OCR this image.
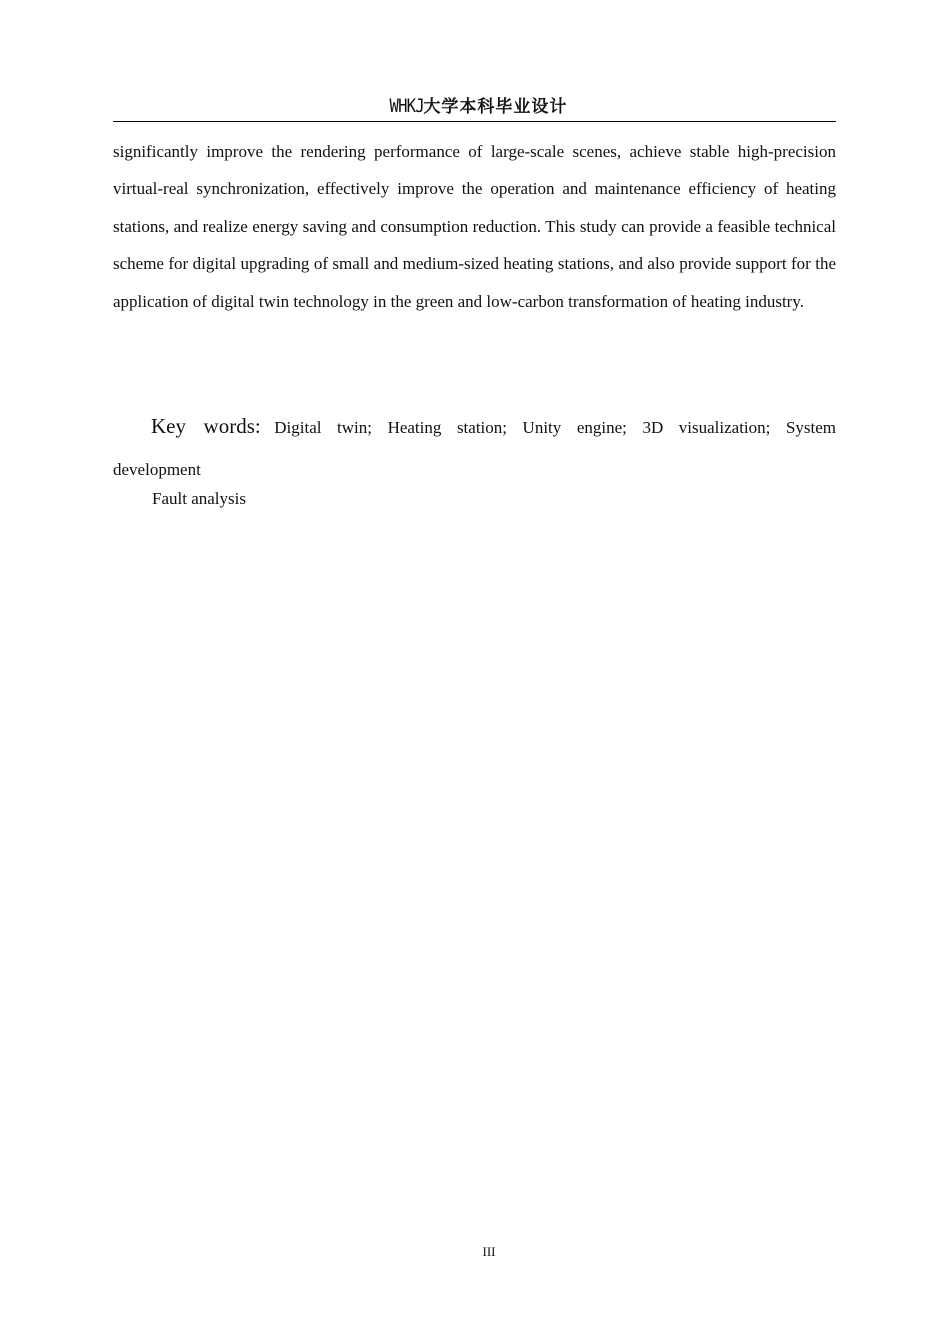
WHKJ大学本科毕业设计
significantly improve the rendering performance of large-scale scenes, achieve stable high-precision virtual-real synchronization, effectively improve the operation and maintenance efficiency of heating stations, and realize energy saving and consumption reduction. This study can provide a feasible technical scheme for digital upgrading of small and medium-sized heating stations, and also provide support for the application of digital twin technology in the green and low-carbon transformation of heating industry.
Key words: Digital twin; Heating station; Unity engine; 3D visualization; System development
Fault analysis
III
